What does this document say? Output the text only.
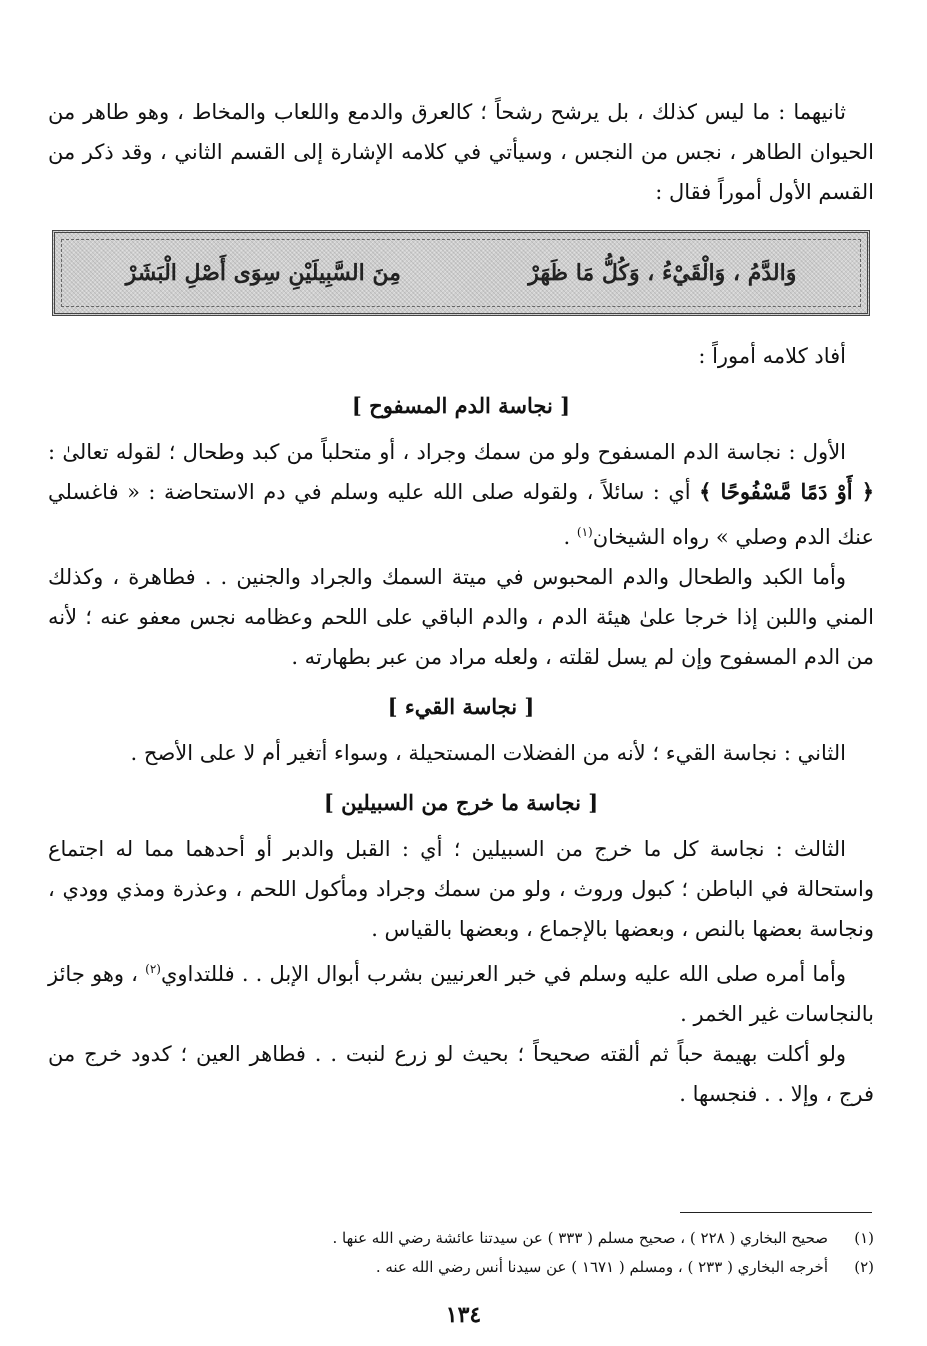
ثانيهما : ما ليس كذلك ، بل يرشح رشحاً ؛ كالعرق والدمع واللعاب والمخاط ، وهو طاهر من الحيوان الطاهر ، نجس من النجس ، وسيأتي في كلامه الإشارة إلى القسم الثاني ، وقد ذكر من القسم الأول أموراً فقال :

وَالدَّمُ ، وَالْقَيْءُ ، وَكُلُّ مَا ظَهَرْ
مِنَ السَّبِيلَيْنِ سِوَى أَصْلِ الْبَشَرْ

أفاد كلامه أموراً :

[ نجاسة الدم المسفوح ]

الأول : نجاسة الدم المسفوح ولو من سمك وجراد ، أو متحلباً من كبد وطحال ؛ لقوله تعالىٰ : ﴿ أَوْ دَمًا مَّسْفُوحًا ﴾ أي : سائلاً ، ولقوله صلى الله عليه وسلم في دم الاستحاضة : « فاغسلي عنك الدم وصلي » رواه الشيخان$^{(١)}$ .

وأما الكبد والطحال والدم المحبوس في ميتة السمك والجراد والجنين . . فطاهرة ، وكذلك المني واللبن إذا خرجا علىٰ هيئة الدم ، والدم الباقي على اللحم وعظامه نجس معفو عنه ؛ لأنه من الدم المسفوح وإن لم يسل لقلته ، ولعله مراد من عبر بطهارته .

[ نجاسة القيء ]

الثاني : نجاسة القيء ؛ لأنه من الفضلات المستحيلة ، وسواء أتغير أم لا على الأصح .

[ نجاسة ما خرج من السبيلين ]

الثالث : نجاسة كل ما خرج من السبيلين ؛ أي : القبل والدبر أو أحدهما مما له اجتماع واستحالة في الباطن ؛ كبول وروث ، ولو من سمك وجراد ومأكول اللحم ، وعذرة ومذي وودي ، ونجاسة بعضها بالنص ، وبعضها بالإجماع ، وبعضها بالقياس .

وأما أمره صلى الله عليه وسلم في خبر العرنيين بشرب أبوال الإبل . . فللتداوي$^{(٢)}$ ، وهو جائز بالنجاسات غير الخمر .

ولو أكلت بهيمة حباً ثم ألقته صحيحاً ؛ بحيث لو زرع لنبت . . فطاهر العين ؛ كدود خرج من فرج ، وإلا . . فنجسها .

(١)
صحيح البخاري ( ٢٢٨ ) ، صحيح مسلم ( ٣٣٣ ) عن سيدتنا عائشة رضي الله عنها .
(٢)
أخرجه البخاري ( ٢٣٣ ) ، ومسلم ( ١٦٧١ ) عن سيدنا أنس رضي الله عنه .
١٣٤
